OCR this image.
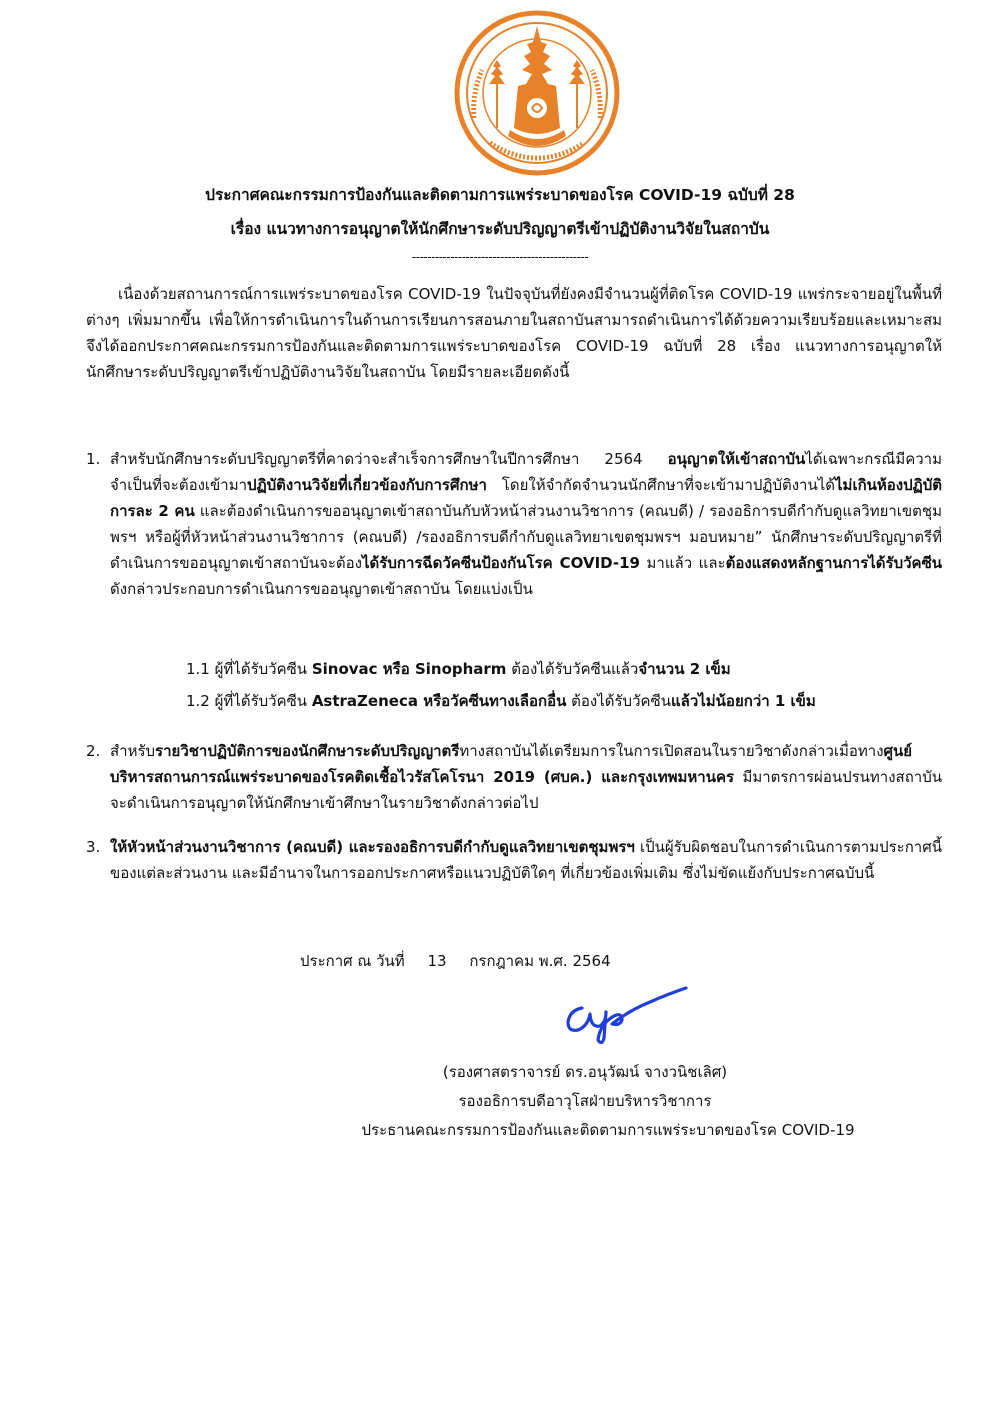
ประกาศคณะกรรมการป้องกันและติดตามการแพร่ระบาดของโรค COVID-19 ฉบับที่ 28
เรื่อง แนวทางการอนุญาตให้นักศึกษาระดับปริญญาตรีเข้าปฏิบัติงานวิจัยในสถาบัน
----------------------------------------------
เนื่องด้วยสถานการณ์การแพร่ระบาดของโรค COVID-19 ในปัจจุบันที่ยังคงมีจำนวนผู้ที่ติดโรค COVID-19 แพร่กระจายอยู่ในพื้นที่ต่างๆ เพิ่มมากขึ้น เพื่อให้การดำเนินการในด้านการเรียนการสอนภายในสถาบันสามารถดำเนินการได้ด้วยความเรียบร้อยและเหมาะสม จึงได้ออกประกาศคณะกรรมการป้องกันและติดตามการแพร่ระบาดของโรค COVID-19 ฉบับที่ 28 เรื่อง แนวทางการอนุญาตให้นักศึกษาระดับปริญญาตรีเข้าปฏิบัติงานวิจัยในสถาบัน โดยมีรายละเอียดดังนี้
1. สำหรับนักศึกษาระดับปริญญาตรีที่คาดว่าจะสำเร็จการศึกษาในปีการศึกษา 2564 อนุญาตให้เข้าสถาบันได้เฉพาะกรณีมีความจำเป็นที่จะต้องเข้ามาปฏิบัติงานวิจัยที่เกี่ยวข้องกับการศึกษา โดยให้จำกัดจำนวนนักศึกษาที่จะเข้ามาปฏิบัติงานได้ไม่เกินห้องปฏิบัติการละ 2 คน และต้องดำเนินการขออนุญาตเข้าสถาบันกับหัวหน้าส่วนงานวิชาการ (คณบดี) / รองอธิการบดีกำกับดูแลวิทยาเขตชุมพรฯ หรือผู้ที่หัวหน้าส่วนงานวิชาการ (คณบดี) /รองอธิการบดีกำกับดูแลวิทยาเขตชุมพรฯ มอบหมาย” นักศึกษาระดับปริญญาตรีที่ดำเนินการขออนุญาตเข้าสถาบันจะต้องได้รับการฉีดวัคซีนป้องกันโรค COVID-19 มาแล้ว และต้องแสดงหลักฐานการได้รับวัคซีนดังกล่าวประกอบการดำเนินการขออนุญาตเข้าสถาบัน โดยแบ่งเป็น
1.1 ผู้ที่ได้รับวัคซีน Sinovac หรือ Sinopharm ต้องได้รับวัคซีนแล้วจำนวน 2 เข็ม
1.2 ผู้ที่ได้รับวัคซีน AstraZeneca หรือวัคซีนทางเลือกอื่น ต้องได้รับวัคซีนแล้วไม่น้อยกว่า 1 เข็ม
2. สำหรับรายวิชาปฏิบัติการของนักศึกษาระดับปริญญาตรีทางสถาบันได้เตรียมการในการเปิดสอนในรายวิชาดังกล่าวเมื่อทางศูนย์บริหารสถานการณ์แพร่ระบาดของโรคติดเชื้อไวรัสโคโรนา 2019 (ศบค.) และกรุงเทพมหานคร มีมาตรการผ่อนปรนทางสถาบันจะดำเนินการอนุญาตให้นักศึกษาเข้าศึกษาในรายวิชาดังกล่าวต่อไป
3. ให้หัวหน้าส่วนงานวิชาการ (คณบดี) และรองอธิการบดีกำกับดูแลวิทยาเขตชุมพรฯ เป็นผู้รับผิดชอบในการดำเนินการตามประกาศนี้ของแต่ละส่วนงาน และมีอำนาจในการออกประกาศหรือแนวปฏิบัติใดๆ ที่เกี่ยวข้องเพิ่มเติม ซึ่งไม่ขัดแย้งกับประกาศฉบับนี้
ประกาศ ณ วันที่ 13 กรกฎาคม พ.ศ. 2564
(รองศาสตราจารย์ ดร.อนุวัฒน์ จางวนิชเลิศ)
รองอธิการบดีอาวุโสฝ่ายบริหารวิชาการ
ประธานคณะกรรมการป้องกันและติดตามการแพร่ระบาดของโรค COVID-19
